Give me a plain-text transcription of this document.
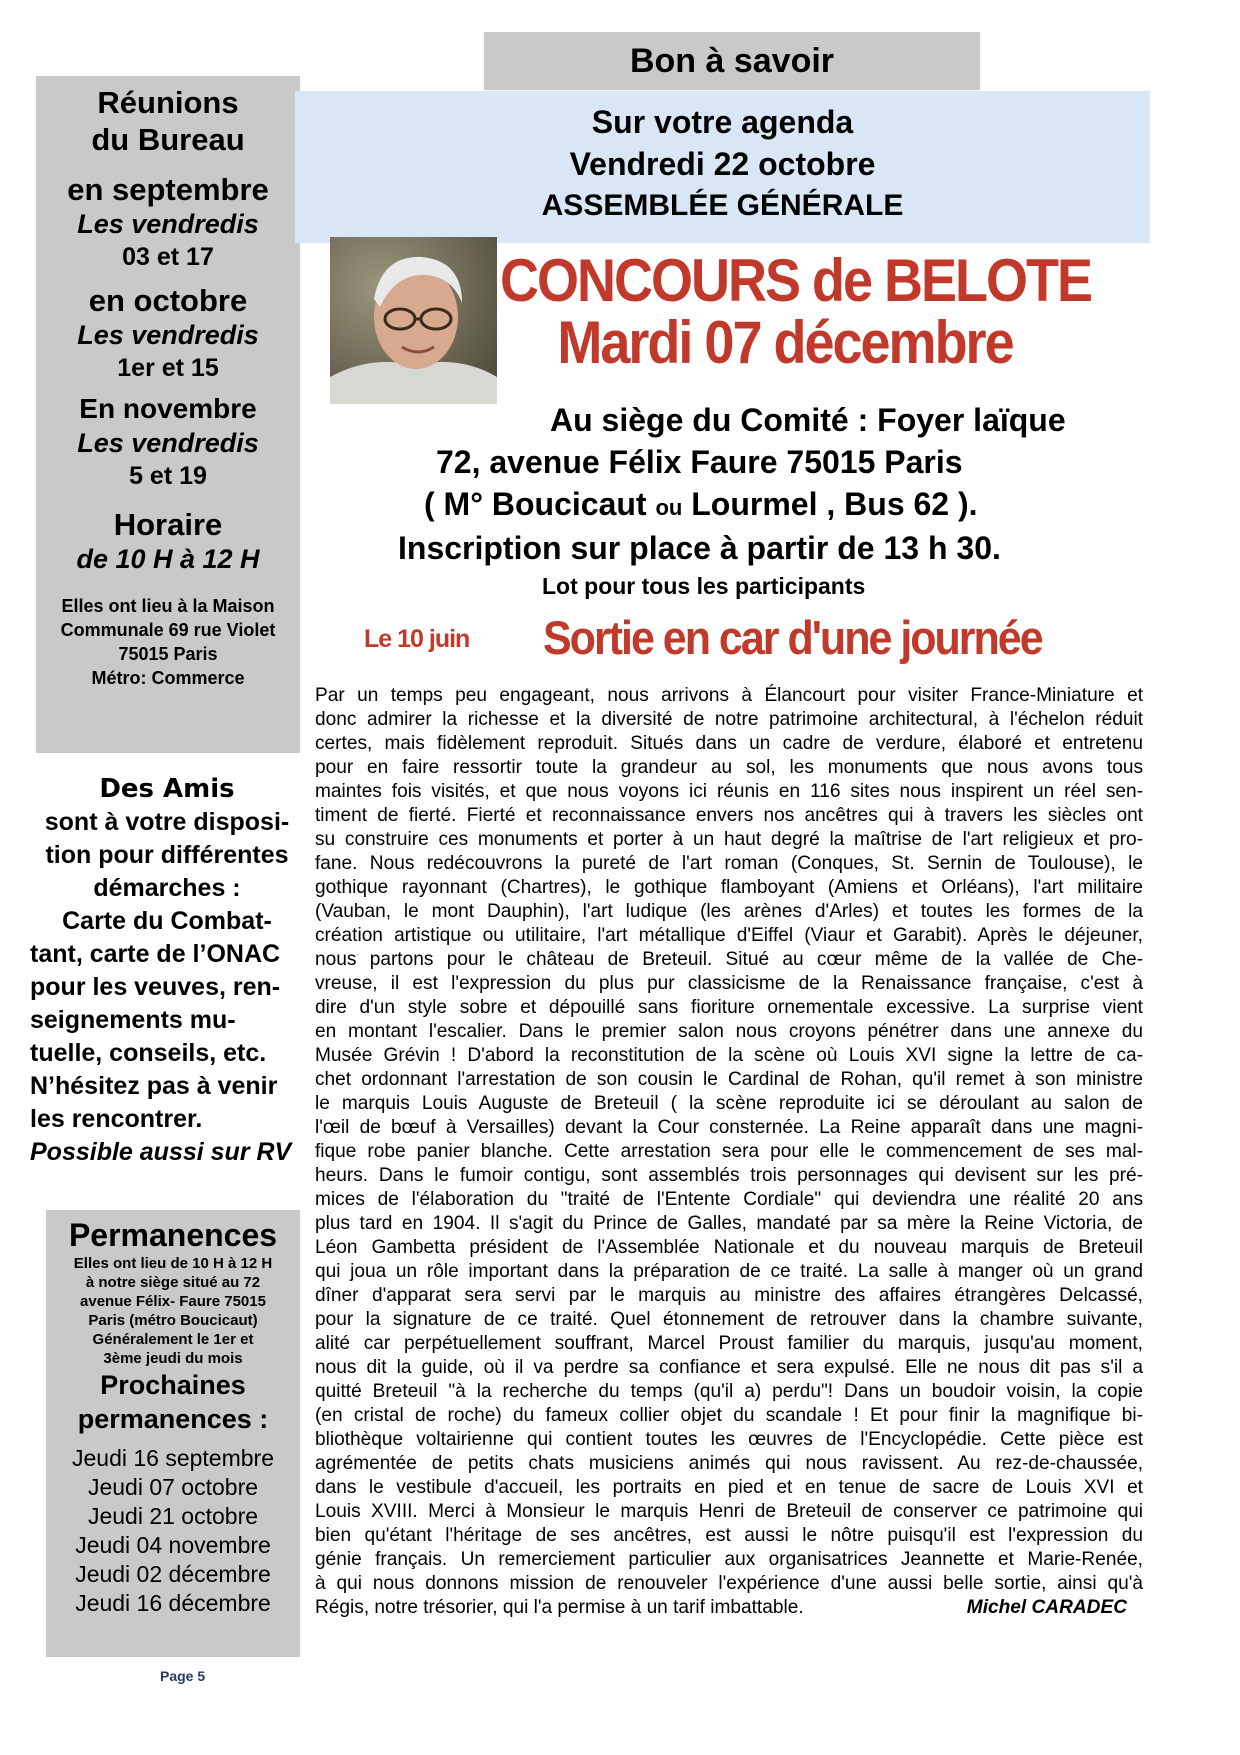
Réunions
du Bureau
en septembre
Les vendredis
03 et 17
en octobre
Les vendredis
1er et 15
En novembre
Les vendredis
5 et 19
Horaire
de 10 H à 12 H
Elles ont lieu à la Maison
Communale 69 rue Violet
75015 Paris
Métro: Commerce
Des Amis
sont à votre disposi-
tion pour différentes
démarches :
Carte du Combat-
tant, carte de l’ONAC
pour les veuves, ren-
seignements mu-
tuelle, conseils, etc.
N’hésitez pas à venir
les rencontrer.
Possible aussi sur RV
Permanences
Elles ont lieu de 10 H à 12 H
à notre siège situé au 72
avenue Félix- Faure 75015
Paris (métro Boucicaut)
Généralement le 1er et
3ème jeudi du mois
Prochaines
permanences :
Jeudi 16 septembre
Jeudi 07 octobre
Jeudi 21 octobre
Jeudi 04 novembre
Jeudi 02 décembre
Jeudi 16 décembre
Page 5
Bon à savoir
Sur votre agenda
Vendredi 22 octobre
ASSEMBLÉE GÉNÉRALE
CONCOURS de BELOTE
Mardi 07 décembre
Au siège du Comité : Foyer laïque
72, avenue Félix Faure 75015 Paris
( M° Boucicaut ou Lourmel , Bus 62 ).
Inscription sur place à partir de 13 h 30.
Lot pour tous les participants
Le 10 juin Sortie en car d'une journée
Par un temps peu engageant, nous arrivons à Élancourt pour visiter France-Miniature et
donc admirer la richesse et la diversité de notre patrimoine architectural, à l'échelon réduit
certes, mais fidèlement reproduit. Situés dans un cadre de verdure, élaboré et entretenu
pour en faire ressortir toute la grandeur au sol, les monuments que nous avons tous
maintes fois visités, et que nous voyons ici réunis en 116 sites nous inspirent un réel sen-
timent de fierté. Fierté et reconnaissance envers nos ancêtres qui à travers les siècles ont
su construire ces monuments et porter à un haut degré la maîtrise de l'art religieux et pro-
fane. Nous redécouvrons la pureté de l'art roman (Conques, St. Sernin de Toulouse), le
gothique rayonnant (Chartres), le gothique flamboyant (Amiens et Orléans), l'art militaire
(Vauban, le mont Dauphin), l'art ludique (les arènes d'Arles) et toutes les formes de la
création artistique ou utilitaire, l'art métallique d'Eiffel (Viaur et Garabit). Après le déjeuner,
nous partons pour le château de Breteuil. Situé au cœur même de la vallée de Che-
vreuse, il est l'expression du plus pur classicisme de la Renaissance française, c'est à
dire d'un style sobre et dépouillé sans fioriture ornementale excessive. La surprise vient
en montant l'escalier. Dans le premier salon nous croyons pénétrer dans une annexe du
Musée Grévin ! D'abord la reconstitution de la scène où Louis XVI signe la lettre de ca-
chet ordonnant l'arrestation de son cousin le Cardinal de Rohan, qu'il remet à son ministre
le marquis Louis Auguste de Breteuil ( la scène reproduite ici se déroulant au salon de
l'œil de bœuf à Versailles) devant la Cour consternée. La Reine apparaît dans une magni-
fique robe panier blanche. Cette arrestation sera pour elle le commencement de ses mal-
heurs. Dans le fumoir contigu, sont assemblés trois personnages qui devisent sur les pré-
mices de l'élaboration du "traité de l'Entente Cordiale" qui deviendra une réalité 20 ans
plus tard en 1904. Il s'agit du Prince de Galles, mandaté par sa mère la Reine Victoria, de
Léon Gambetta président de l'Assemblée Nationale et du nouveau marquis de Breteuil
qui joua un rôle important dans la préparation de ce traité. La salle à manger où un grand
dîner d'apparat sera servi par le marquis au ministre des affaires étrangères Delcassé,
pour la signature de ce traité. Quel étonnement de retrouver dans la chambre suivante,
alité car perpétuellement souffrant, Marcel Proust familier du marquis, jusqu'au moment,
nous dit la guide, où il va perdre sa confiance et sera expulsé. Elle ne nous dit pas s'il a
quitté Breteuil "à la recherche du temps (qu'il a) perdu"! Dans un boudoir voisin, la copie
(en cristal de roche) du fameux collier objet du scandale ! Et pour finir la magnifique bi-
bliothèque voltairienne qui contient toutes les œuvres de l'Encyclopédie. Cette pièce est
agrémentée de petits chats musiciens animés qui nous ravissent. Au rez-de-chaussée,
dans le vestibule d'accueil, les portraits en pied et en tenue de sacre de Louis XVI et
Louis XVIII. Merci à Monsieur le marquis Henri de Breteuil de conserver ce patrimoine qui
bien qu'étant l'héritage de ses ancêtres, est aussi le nôtre puisqu'il est l'expression du
génie français. Un remerciement particulier aux organisatrices Jeannette et Marie-Renée,
à qui nous donnons mission de renouveler l'expérience d'une aussi belle sortie, ainsi qu'à
Régis, notre trésorier, qui l'a permise à un tarif imbattable.	Michel CARADEC
